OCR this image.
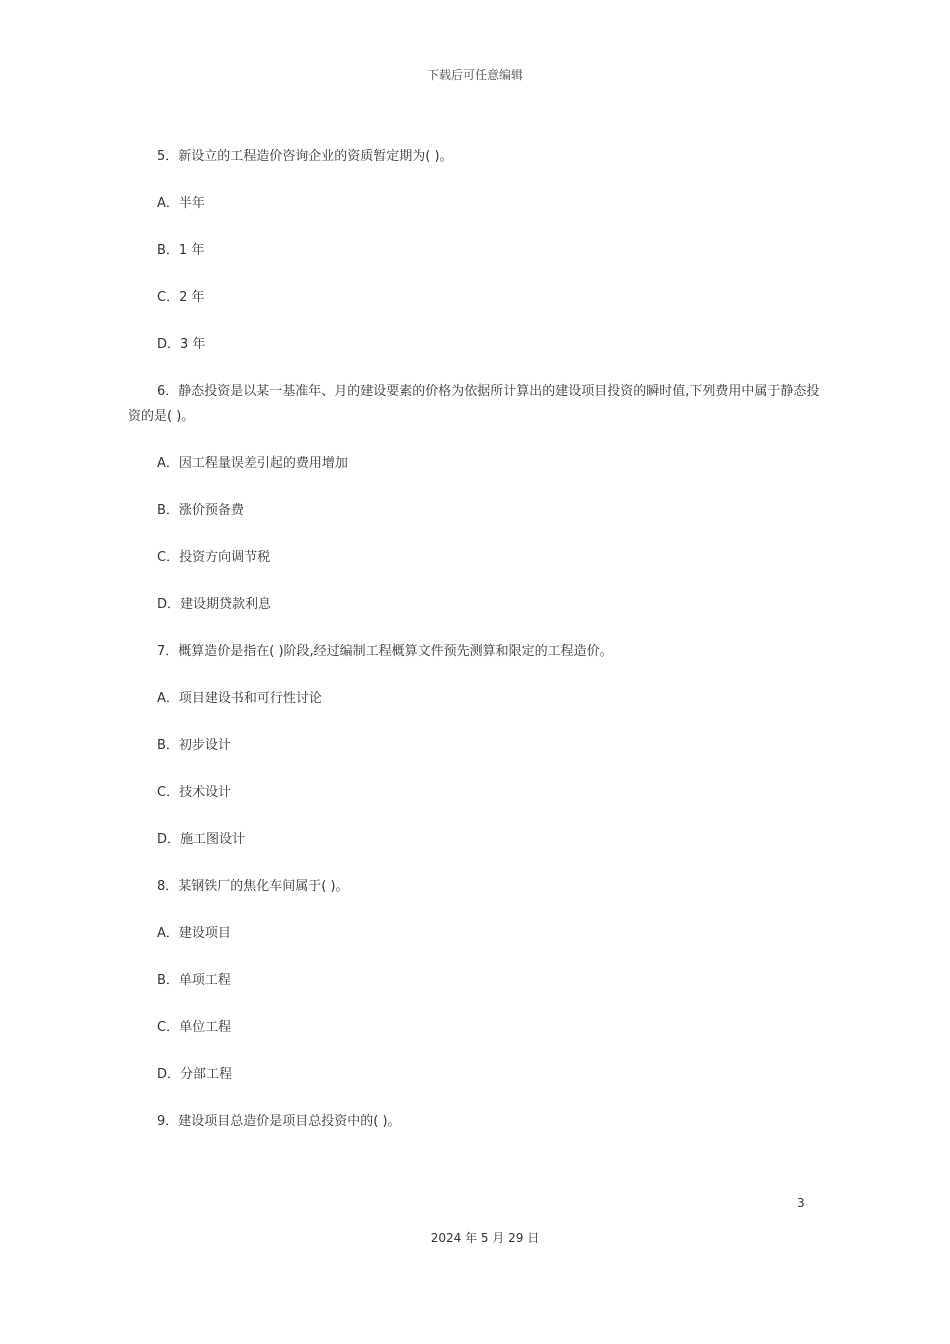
下载后可任意编辑

5．新设立的工程造价咨询企业的资质暂定期为( )。

A．半年

B．1 年

C．2 年

D．3 年

6．静态投资是以某一基准年、月的建设要素的价格为依据所计算出的建设项目投资的瞬时值,下列费用中属于静态投资的是( )。

A．因工程量误差引起的费用增加

B．涨价预备费

C．投资方向调节税

D．建设期贷款利息

7．概算造价是指在( )阶段,经过编制工程概算文件预先测算和限定的工程造价。

A．项目建设书和可行性讨论

B．初步设计

C．技术设计

D．施工图设计

8．某钢铁厂的焦化车间属于( )。

A．建设项目

B．单项工程

C．单位工程

D．分部工程

9．建设项目总造价是项目总投资中的( )。

3
2024 年 5 月 29 日
